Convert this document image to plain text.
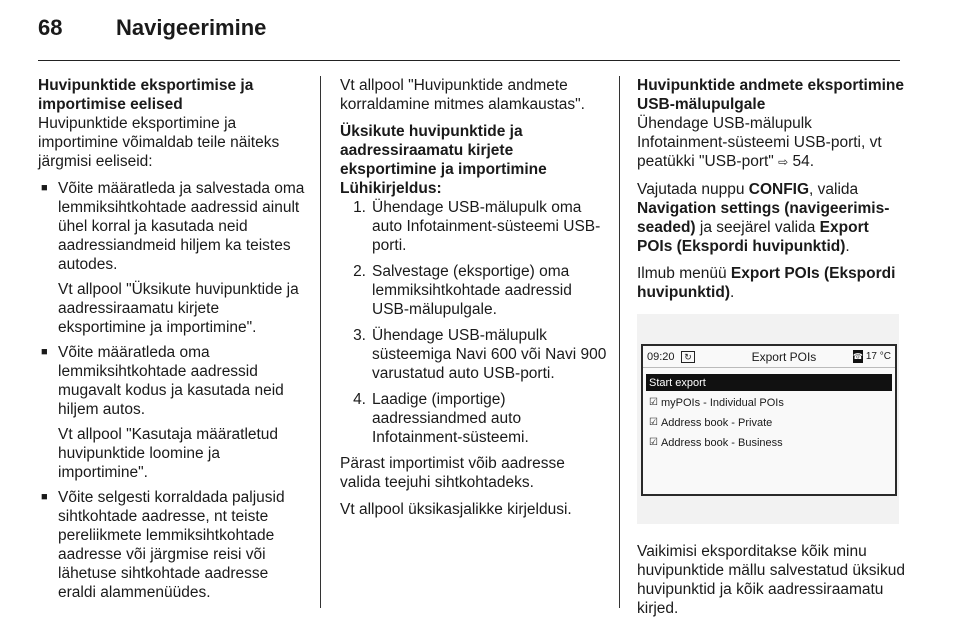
68	Navigeerimine
Huvipunktide eksportimise ja importimise eelised

Huvipunktide eksportimine ja importimine võimaldab teile näiteks järgmisi eeliseid:

■ Võite määratleda ja salvestada oma lemmiksihtkohtade aadressid ainult ühel korral ja kasutada neid aadressiandmeid hiljem ka teistes autodes.

Vt allpool "Üksikute huvipunktide ja aadressiraamatu kirjete eksportimine ja importimine".

■ Võite määratleda oma lemmiksihtkohtade aadressid mugavalt kodus ja kasutada neid hiljem autos.

Vt allpool "Kasutaja määratletud huvipunktide loomine ja importimine".

■ Võite selgesti korraldada paljusid sihtkohtade aadresse, nt teiste pereliikmete lemmiksihtkohtade aadresse või järgmise reisi või lähetuse sihtkohtade aadresse eraldi alammenüüdes.

Vt allpool "Huvipunktide andmete korraldamine mitmes alamkaustas".

Üksikute huvipunktide ja aadressiraamatu kirjete eksportimine ja importimine
Lühikirjeldus:
1. Ühendage USB-mälupulk oma auto Infotainment-süsteemi USB-porti.
2. Salvestage (eksportige) oma lemmiksihtkohtade aadressid USB-mälupulgale.
3. Ühendage USB-mälupulk süsteemiga Navi 600 või Navi 900 varustatud auto USB-porti.
4. Laadige (importige) aadressiandmed auto Infotainment-süsteemi.

Pärast importimist võib aadresse valida teejuhi sihtkohtadeks.

Vt allpool üksikasjalikke kirjeldusi.

Huvipunktide andmete eksportimine USB-mälupulgale

Ühendage USB-mälupulk
Infotainment-süsteemi USB-porti, vt peatükki "USB-port" ⇨ 54.

Vajutada nuppu CONFIG, valida Navigation settings (navigeerimis-seaded) ja seejärel valida Export POIs (Ekspordi huvipunktid).

Ilmub menüü Export POIs (Ekspordi huvipunktid).

09:20	↻	Export POIs	☎ 17 °C
Start export
☑ myPOIs - Individual POIs
☑ Address book - Private
☑ Address book - Business

Vaikimisi eksporditakse kõik minu huvipunktide mällu salvestatud üksikud huvipunktid ja kõik aadressiraamatu kirjed.
